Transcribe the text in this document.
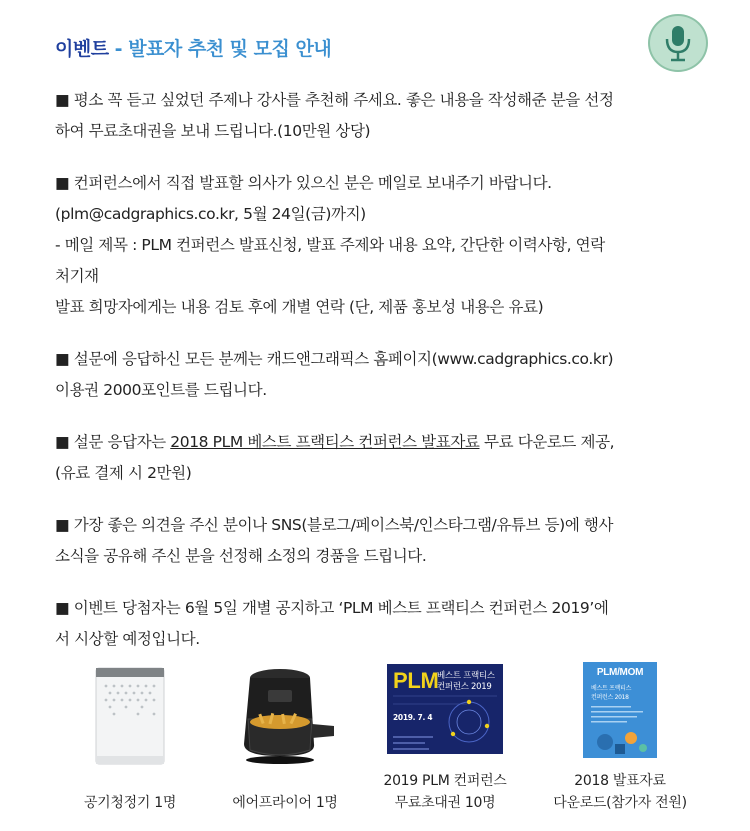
이벤트 - 발표자 추천 및 모집 안내
■ 평소 꼭 듣고 싶었던 주제나 강사를 추천해 주세요. 좋은 내용을 작성해준 분을 선정
하여 무료초대권을 보내 드립니다.(10만원 상당)
■ 컨퍼런스에서 직접 발표할 의사가 있으신 분은 메일로 보내주기 바랍니다.
(plm@cadgraphics.co.kr, 5월 24일(금)까지)
- 메일 제목 : PLM 컨퍼런스 발표신청, 발표 주제와 내용 요약, 간단한 이력사항, 연락
처기재
발표 희망자에게는 내용 검토 후에 개별 연락 (단, 제품 홍보성 내용은 유료)
■ 설문에 응답하신 모든 분께는 캐드앤그래픽스 홈페이지(www.cadgraphics.co.kr)
이용권 2000포인트를 드립니다.
■ 설문 응답자는 2018 PLM 베스트 프랙티스 컨퍼런스 발표자료 무료 다운로드 제공,
(유료 결제 시 2만원)
■ 가장 좋은 의견을 주신 분이나 SNS(블로그/페이스북/인스타그램/유튜브 등)에 행사
소식을 공유해 주신 분을 선정해 소정의 경품을 드립니다.
■ 이벤트 당첨자는 6월 5일 개별 공지하고 ‘PLM 베스트 프랙티스 컨퍼런스 2019’에
서 시상할 예정입니다.
공기청정기 1명	에어프라이어 1명
PLM
베스트 프랙티스
컨퍼런스 2019
2019. 7. 4
2019 PLM 컨퍼런스
무료초대권 10명
PLM/MOM
베스트 프랙티스
컨퍼런스 2018
2018 발표자료
다운로드(참가자 전원)
